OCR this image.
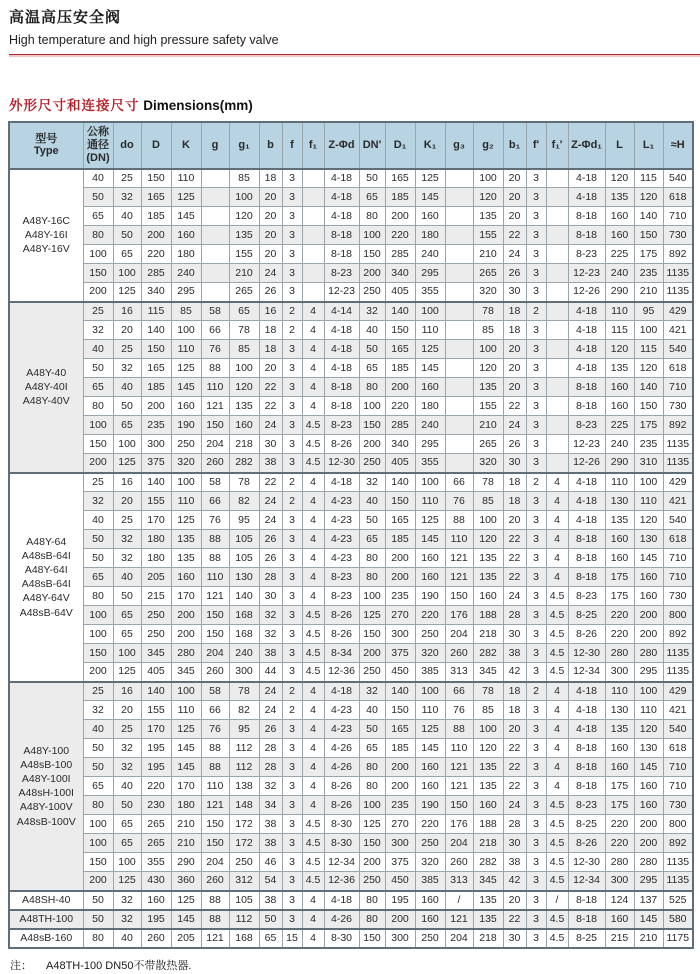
高温高压安全阀
High temperature and high pressure safety valve
外形尺寸和连接尺寸 Dimensions(mm)
型号
Type

公称
通径
(DN)

do	D	K	g	g₁	b	f	f₁	Z-Φd	DN'	D₁	K₁	g₃	g₂	b₁	f'	f₁'	Z-Φd₁	L	L₁	≈H

A48Y-16C
A48Y-16I
A48Y-16V	40	25	150	110		85	18	3		4-18	50	165	125		100	20	3		4-18	120	115	540
	50	32	165	125		100	20	3		4-18	65	185	145		120	20	3		4-18	135	120	618
	65	40	185	145		120	20	3		4-18	80	200	160		135	20	3		8-18	160	140	710
	80	50	200	160		135	20	3		8-18	100	220	180		155	22	3		8-18	160	150	730
	100	65	220	180		155	20	3		8-18	150	285	240		210	24	3		8-23	225	175	892
	150	100	285	240		210	24	3		8-23	200	340	295		265	26	3		12-23	240	235	1135
	200	125	340	295		265	26	3		12-23	250	405	355		320	30	3		12-26	290	210	1135

A48Y-40
A48Y-40I
A48Y-40V	25	16	115	85	58	65	16	2	4	4-14	32	140	100		78	18	2		4-18	110	95	429
	32	20	140	100	66	78	18	2	4	4-18	40	150	110		85	18	3		4-18	115	100	421
	40	25	150	110	76	85	18	3	4	4-18	50	165	125		100	20	3		4-18	120	115	540
	50	32	165	125	88	100	20	3	4	4-18	65	185	145		120	20	3		4-18	135	120	618
	65	40	185	145	110	120	22	3	4	8-18	80	200	160		135	20	3		8-18	160	140	710
	80	50	200	160	121	135	22	3	4	8-18	100	220	180		155	22	3		8-18	160	150	730
	100	65	235	190	150	160	24	3	4.5	8-23	150	285	240		210	24	3		8-23	225	175	892
	150	100	300	250	204	218	30	3	4.5	8-26	200	340	295		265	26	3		12-23	240	235	1135
	200	125	375	320	260	282	38	3	4.5	12-30	250	405	355		320	30	3		12-26	290	310	1135

A48Y-64
A48sB-64I
A48Y-64I
A48sB-64I
A48Y-64V
A48sB-64V
	25	16	140	100	58	78	22	2	4	4-18	32	140	100	66	78	18	2	4	4-18	110	100	429
	32	20	155	110	66	82	24	2	4	4-23	40	150	110	76	85	18	3	4	4-18	130	110	421
	40	25	170	125	76	95	24	3	4	4-23	50	165	125	88	100	20	3	4	4-18	135	120	540
	50	32	180	135	88	105	26	3	4	4-23	65	185	145	110	120	22	3	4	8-18	160	130	618
	50	32	180	135	88	105	26	3	4	4-23	80	200	160	121	135	22	3	4	8-18	160	145	710
	65	40	205	160	110	130	28	3	4	8-23	80	200	160	121	135	22	3	4	8-18	175	160	710
	80	50	215	170	121	140	30	3	4	8-23	100	235	190	150	160	24	3	4.5	8-23	175	160	730
	100	65	250	200	150	168	32	3	4.5	8-26	125	270	220	176	188	28	3	4.5	8-25	220	200	800
	100	65	250	200	150	168	32	3	4.5	8-26	150	300	250	204	218	30	3	4.5	8-26	220	200	892
	150	100	345	280	204	240	38	3	4.5	8-34	200	375	320	260	282	38	3	4.5	12-30	280	280	1135
	200	125	405	345	260	300	44	3	4.5	12-36	250	450	385	313	345	42	3	4.5	12-34	300	295	1135

A48Y-100
A48sB-100
A48Y-100I
A48sH-100I
A48Y-100V
A48sB-100V
	25	16	140	100	58	78	24	2	4	4-18	32	140	100	66	78	18	2	4	4-18	110	100	429
	32	20	155	110	66	82	24	2	4	4-23	40	150	110	76	85	18	3	4	4-18	130	110	421
	40	25	170	125	76	95	26	3	4	4-23	50	165	125	88	100	20	3	4	4-18	135	120	540
	50	32	195	145	88	112	28	3	4	4-26	65	185	145	110	120	22	3	4	8-18	160	130	618
	50	32	195	145	88	112	28	3	4	4-26	80	200	160	121	135	22	3	4	8-18	160	145	710
	65	40	220	170	110	138	32	3	4	8-26	80	200	160	121	135	22	3	4	8-18	175	160	710
	80	50	230	180	121	148	34	3	4	8-26	100	235	190	150	160	24	3	4.5	8-23	175	160	730
	100	65	265	210	150	172	38	3	4.5	8-30	125	270	220	176	188	28	3	4.5	8-25	220	200	800
	100	65	265	210	150	172	38	3	4.5	8-30	150	300	250	204	218	30	3	4.5	8-26	220	200	892
	150	100	355	290	204	250	46	3	4.5	12-34	200	375	320	260	282	38	3	4.5	12-30	280	280	1135
	200	125	430	360	260	312	54	3	4.5	12-36	250	450	385	313	345	42	3	4.5	12-34	300	295	1135

A48SH-40	50	32	160	125	88	105	38	3	4	4-18	80	195	160	/	135	20	3	/	8-18	124	137	525

A48TH-100	50	32	195	145	88	112	50	3	4	4-26	80	200	160	121	135	22	3	4.5	8-18	160	145	580

A48sB-160	80	40	260	205	121	168	65	15	4	8-30	150	300	250	204	218	30	3	4.5	8-25	215	210	1175
注： A48TH-100 DN50不带散热器.
